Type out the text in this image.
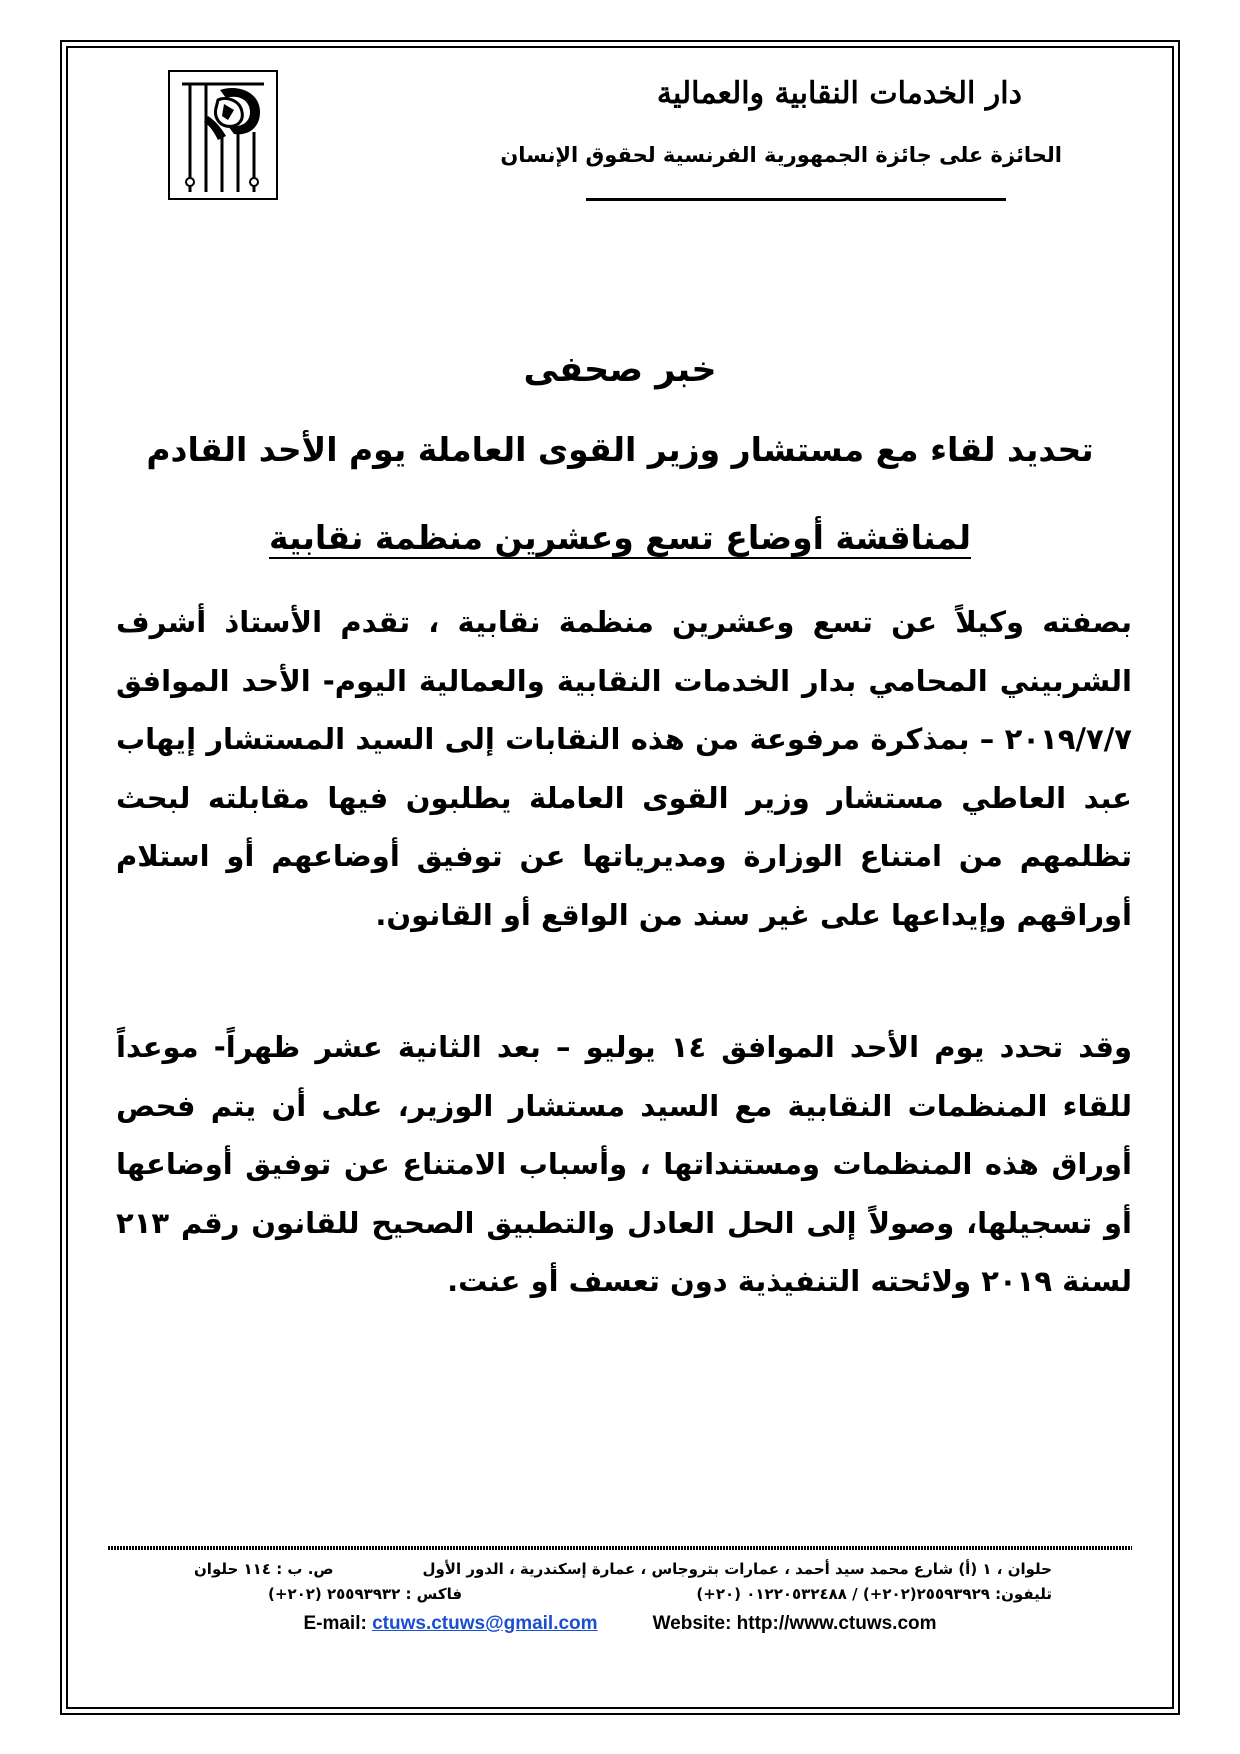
دار الخدمات النقابية والعمالية
الحائزة على جائزة الجمهورية الفرنسية لحقوق الإنسان
خبر صحفى
تحديد لقاء مع مستشار وزير القوى العاملة يوم الأحد القادم
لمناقشة أوضاع تسع وعشرين منظمة نقابية
بصفته وكيلاً عن تسع وعشرين منظمة نقابية ، تقدم الأستاذ أشرف الشربيني المحامي بدار الخدمات النقابية والعمالية اليوم- الأحد الموافق ٢٠١٩/٧/٧ – بمذكرة مرفوعة من هذه النقابات إلى السيد المستشار إيهاب عبد العاطي مستشار وزير القوى العاملة يطلبون فيها مقابلته لبحث تظلمهم من امتناع الوزارة ومديرياتها عن توفيق أوضاعهم أو استلام أوراقهم وإيداعها على غير سند من الواقع أو القانون.
وقد تحدد يوم الأحد الموافق ١٤ يوليو – بعد الثانية عشر ظهراً- موعداً للقاء المنظمات النقابية مع السيد مستشار الوزير، على أن يتم فحص أوراق هذه المنظمات ومستنداتها ، وأسباب الامتناع عن توفيق أوضاعها أو تسجيلها، وصولاً إلى الحل العادل والتطبيق الصحيح للقانون رقم ٢١٣ لسنة ٢٠١٩ ولائحته التنفيذية دون تعسف أو عنت.
حلوان ، ١ (أ) شارع محمد سيد أحمد ، عمارات بتروجاس ، عمارة إسكندرية ، الدور الأول
ص. ب : ١١٤ حلوان
تليفون: ٢٥٥٩٣٩٢٩(٢٠٢+) / ٠١٢٢٠٥٣٢٤٨٨ (٢٠+)
فاكس : ٢٥٥٩٣٩٣٢ (٢٠٢+)
E-mail: ctuws.ctuws@gmail.com	Website: http://www.ctuws.com
